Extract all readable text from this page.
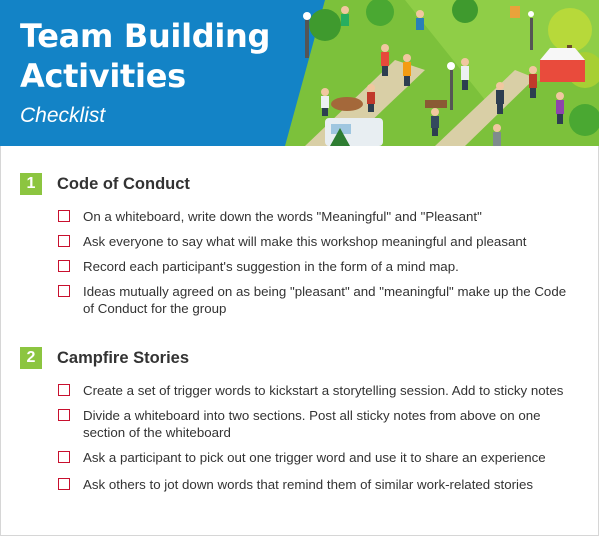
Team Building
Activities
Checklist
1	Code of Conduct
On a whiteboard, write down the words "Meaningful" and "Pleasant"
Ask everyone to say what will make this workshop meaningful and pleasant
Record each participant's suggestion in the form of a mind map.
Ideas mutually agreed on as being "pleasant" and "meaningful" make up the Code of Conduct for the group
2	Campfire Stories
Create a set of trigger words to kickstart a storytelling session. Add to sticky notes
Divide a whiteboard into two sections. Post all sticky notes from above on one section of the whiteboard
Ask a participant to pick out one trigger word and use it to share an experience
Ask others to jot down words that remind them of similar work-related stories
